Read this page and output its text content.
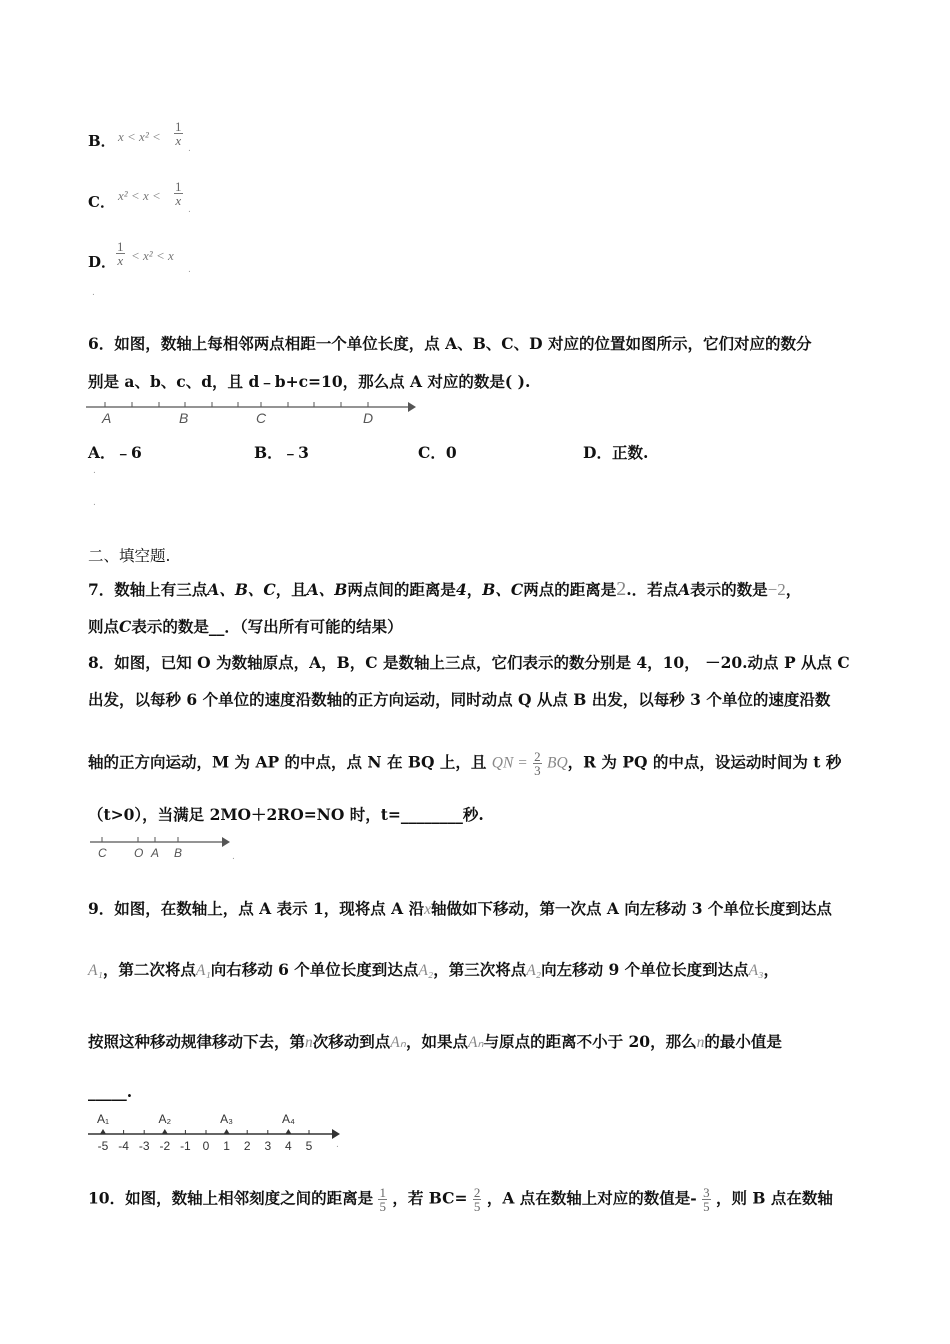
B． $x < x^2 < \frac{1}{x}$
.
C． $x^2 < x < \frac{1}{x}$
.
D． $\frac{1}{x} < x^2 < x$
.
.
6．如图，数轴上每相邻两点相距一个单位长度，点 A、B、C、D 对应的位置如图所示，它们对应的数分
别是 a、b、c、d，且 d﹣b+c=10，那么点 A 对应的数是( ).
A	B	C	D
A．﹣6	B．﹣3	C．0	D．正数.
.
.
二、填空题.
7．数轴上有三点A、B、C，且A、B两点间的距离是4，B、C两点的距离是2.．若点A表示的数是−2，
则点C表示的数是__．（写出所有可能的结果）
8．如图，已知 O 为数轴原点，A，B，C 是数轴上三点，它们表示的数分别是 4，10， －20.动点 P 从点 C
出发，以每秒 6 个单位的速度沿数轴的正方向运动，同时动点 Q 从点 B 出发，以每秒 3 个单位的速度沿数
轴的正方向运动，M 为 AP 的中点，点 N 在 BQ 上，且 QN = $\frac{2}{3}$ BQ，R 为 PQ 的中点，设运动时间为 t 秒
（t>0），当满足 2MO＋2RO=NO 时，t=________秒.
C O A B	.
9．如图，在数轴上，点 A 表示 1，现将点 A 沿x轴做如下移动，第一次点 A 向左移动 3 个单位长度到达点
A₁，第二次将点A₁向右移动 6 个单位长度到达点A₂，第三次将点A₂向左移动 9 个单位长度到达点A₃，
按照这种移动规律移动下去，第n次移动到点Aₙ，如果点Aₙ与原点的距离不小于 20，那么n的最小值是
_____.
-5 -4 -3 -2 -1 0 1 2 3 4 5
A₁	A₂	A₃	A₄
.
10．如图，数轴上相邻刻度之间的距离是 $\frac{1}{5}$ ，若 $BC= \frac{2}{5}$ ，A 点在数轴上对应的数值是- $\frac{3}{5}$ ，则 B 点在数轴
